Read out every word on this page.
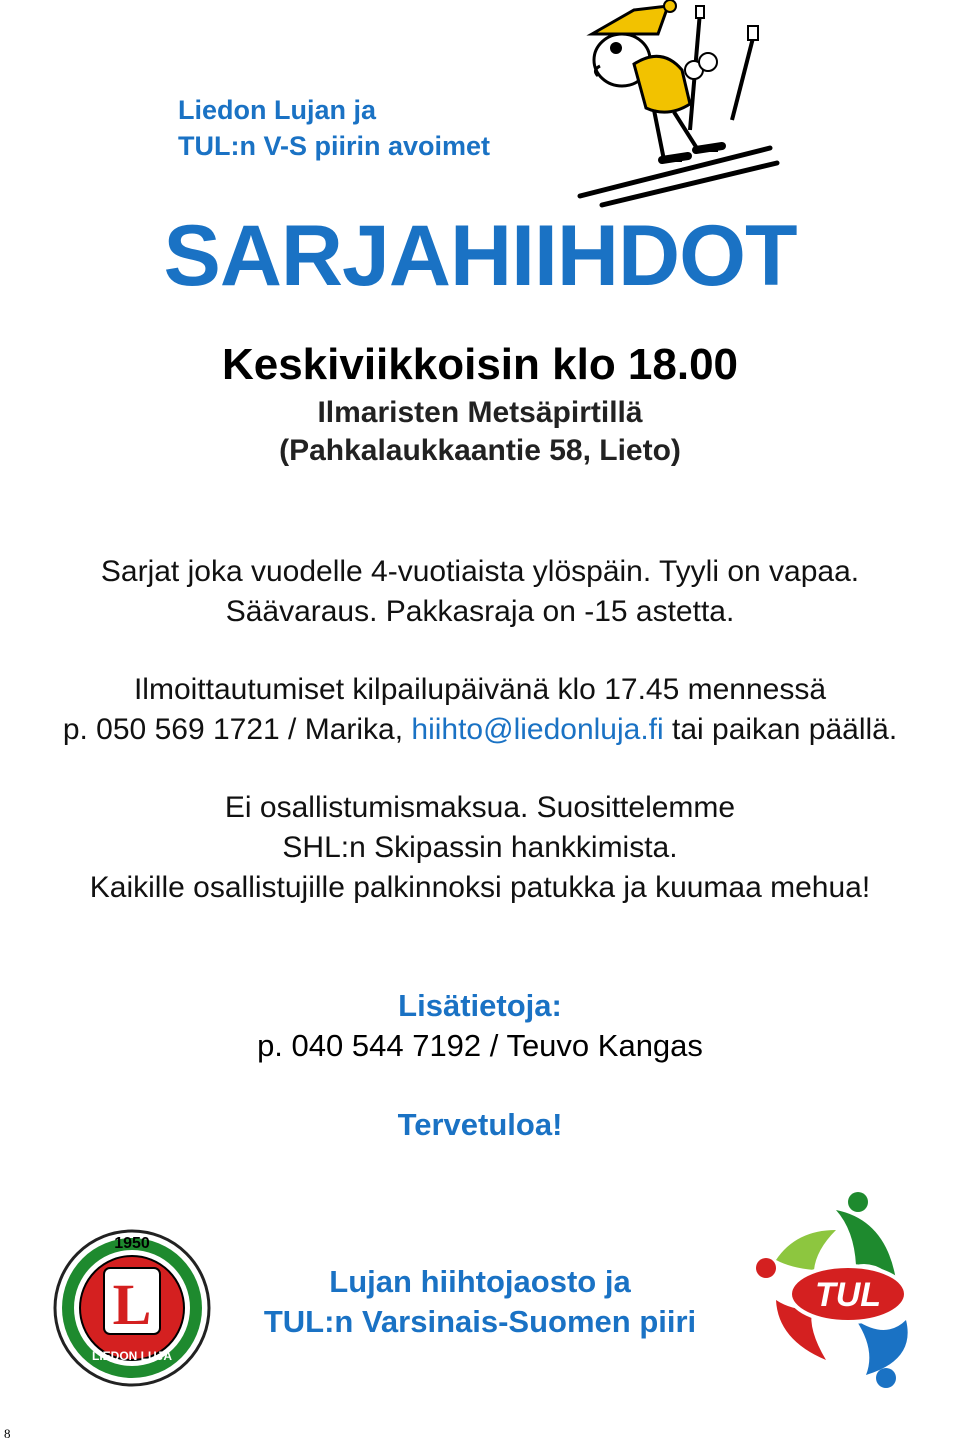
Liedon Lujan ja
TUL:n V-S piirin avoimet
SARJAHIIHDOT
Keskiviikkoisin klo 18.00
Ilmaristen Metsäpirtillä
(Pahkalaukkaantie 58, Lieto)
Sarjat joka vuodelle 4-vuotiaista ylöspäin. Tyyli on vapaa.
Säävaraus. Pakkasraja on -15 astetta.
Ilmoittautumiset kilpailupäivänä klo 17.45 mennessä
p. 050 569 1721 / Marika, hiihto@liedonluja.fi tai paikan päällä.
Ei osallistumismaksua. Suosittelemme
SHL:n Skipassin hankkimista.
Kaikille osallistujille palkinnoksi patukka ja kuumaa mehua!
Lisätietoja:
p. 040 544 7192 / Teuvo Kangas
Tervetuloa!
L
1950
LIEDON LUJA
Lujan hiihtojaosto ja
TUL:n Varsinais-Suomen piiri
TUL
8
